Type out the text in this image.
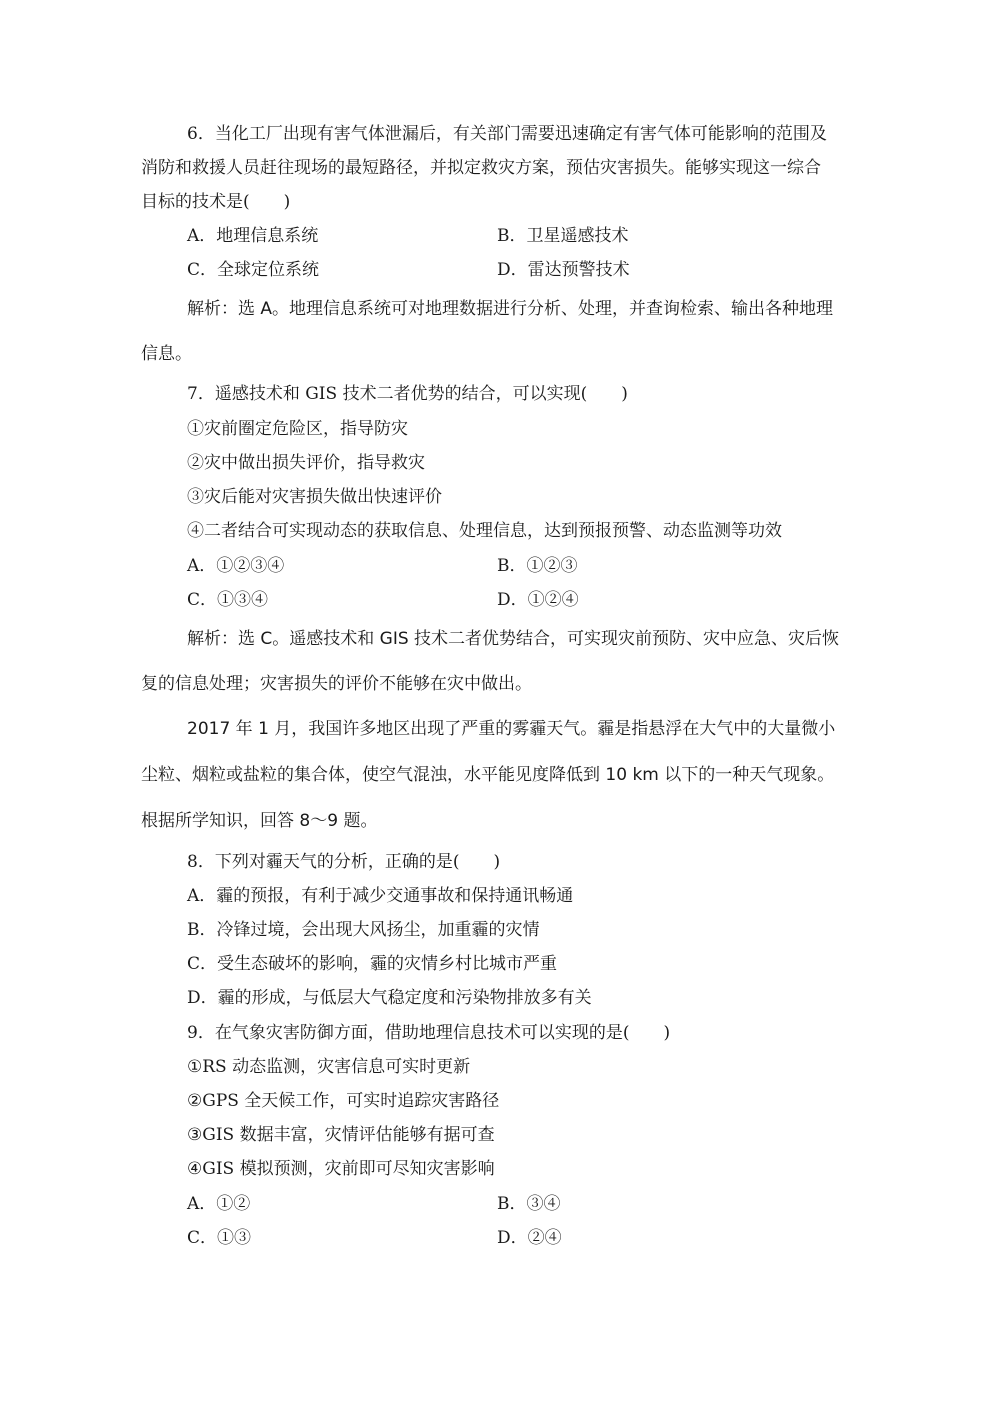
6．当化工厂出现有害气体泄漏后，有关部门需要迅速确定有害气体可能影响的范围及
消防和救援人员赶往现场的最短路径，并拟定救灾方案，预估灾害损失。能够实现这一综合
目标的技术是(　　)
A．地理信息系统	B．卫星遥感技术
C．全球定位系统	D．雷达预警技术
解析：选 A。地理信息系统可对地理数据进行分析、处理，并查询检索、输出各种地理
信息。
7．遥感技术和 GIS 技术二者优势的结合，可以实现(　　)
①灾前圈定危险区，指导防灾
②灾中做出损失评价，指导救灾
③灾后能对灾害损失做出快速评价
④二者结合可实现动态的获取信息、处理信息，达到预报预警、动态监测等功效
A．①②③④	B．①②③
C．①③④	D．①②④
解析：选 C。遥感技术和 GIS 技术二者优势结合，可实现灾前预防、灾中应急、灾后恢
复的信息处理；灾害损失的评价不能够在灾中做出。
2017 年 1 月，我国许多地区出现了严重的雾霾天气。霾是指悬浮在大气中的大量微小
尘粒、烟粒或盐粒的集合体，使空气混浊，水平能见度降低到 10 km 以下的一种天气现象。
根据所学知识，回答 8～9 题。
8．下列对霾天气的分析，正确的是(　　)
A．霾的预报，有利于减少交通事故和保持通讯畅通
B．冷锋过境，会出现大风扬尘，加重霾的灾情
C．受生态破坏的影响，霾的灾情乡村比城市严重
D．霾的形成，与低层大气稳定度和污染物排放多有关
9．在气象灾害防御方面，借助地理信息技术可以实现的是(　　)
①RS 动态监测，灾害信息可实时更新
②GPS 全天候工作，可实时追踪灾害路径
③GIS 数据丰富，灾情评估能够有据可查
④GIS 模拟预测，灾前即可尽知灾害影响
A．①②	B．③④
C．①③	D．②④
